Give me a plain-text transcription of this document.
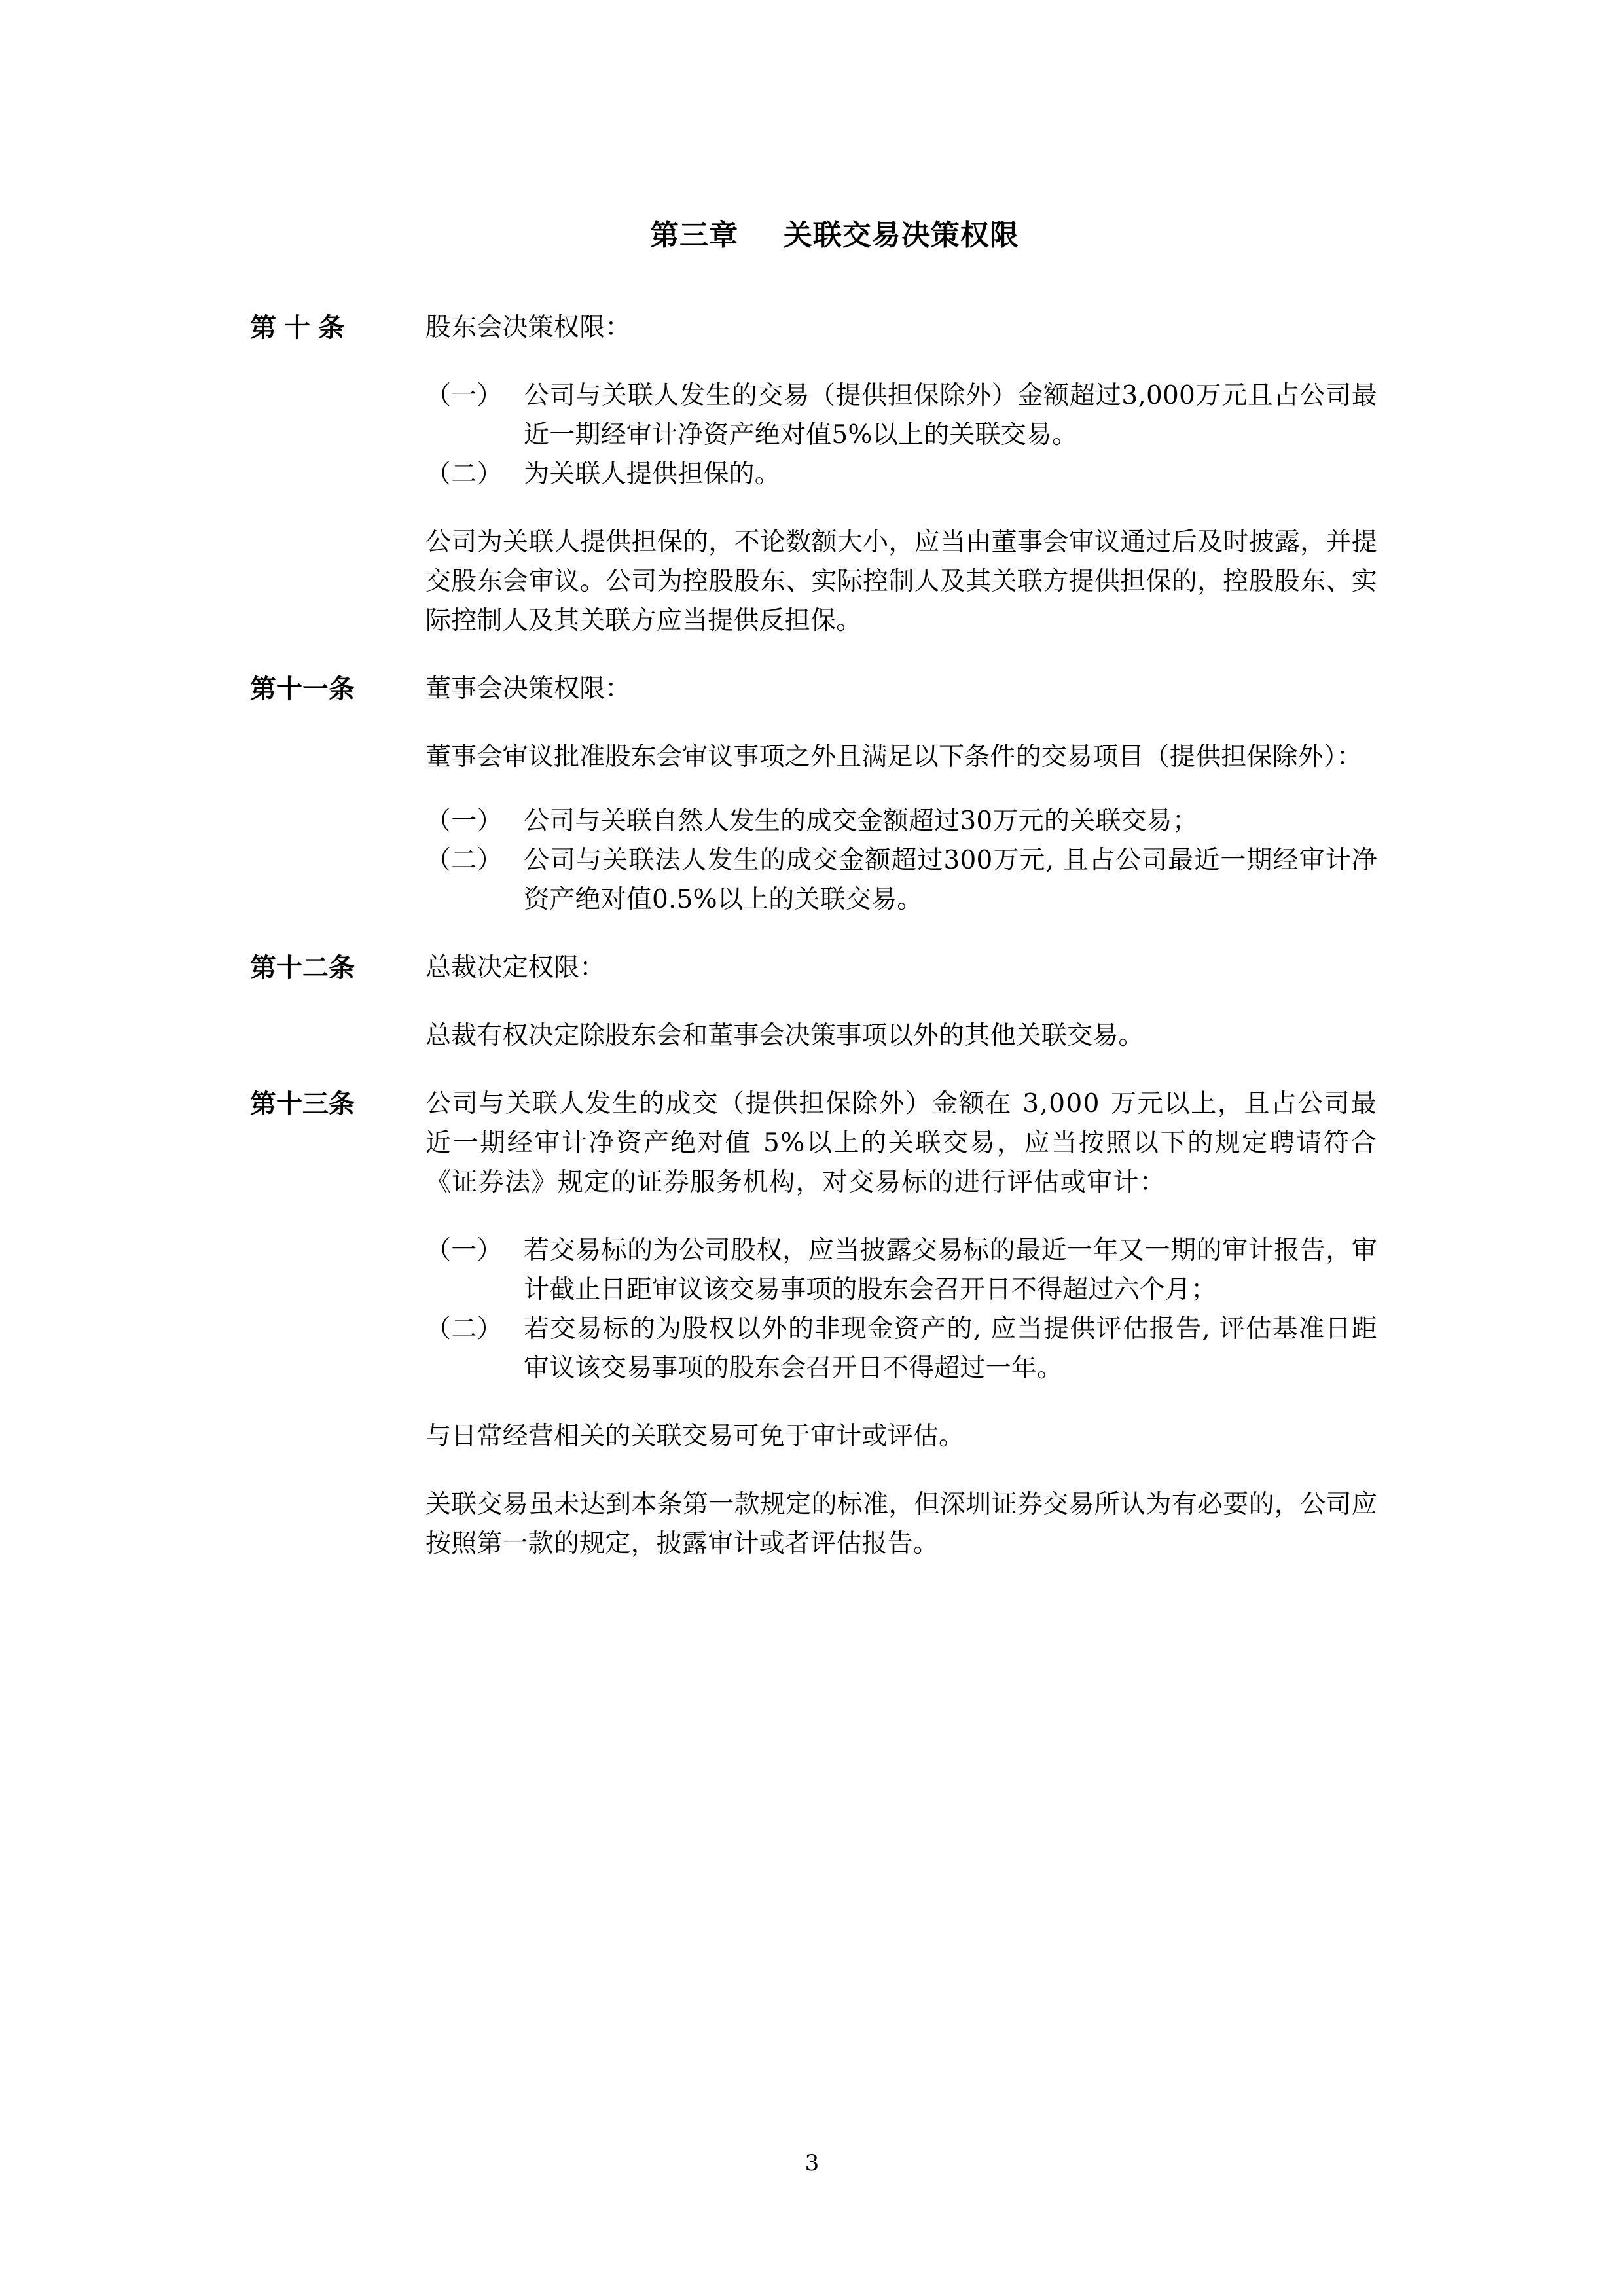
第三章 关联交易决策权限
第十条	股东会决策权限：

（一） 公司与关联人发生的交易（提供担保除外）金额超过3,000万元且占公司最近一期经审计净资产绝对值5%以上的关联交易。
（二） 为关联人提供担保的。

公司为关联人提供担保的，不论数额大小，应当由董事会审议通过后及时披露，并提交股东会审议。公司为控股股东、实际控制人及其关联方提供担保的，控股股东、实际控制人及其关联方应当提供反担保。

第十一条	董事会决策权限：

董事会审议批准股东会审议事项之外且满足以下条件的交易项目（提供担保除外）：

（一） 公司与关联自然人发生的成交金额超过30万元的关联交易；
（二） 公司与关联法人发生的成交金额超过300万元, 且占公司最近一期经审计净资产绝对值0.5%以上的关联交易。
第十二条	总裁决定权限：

总裁有权决定除股东会和董事会决策事项以外的其他关联交易。

第十三条	公司与关联人发生的成交（提供担保除外）金额在 3,000 万元以上，且占公司最近一期经审计净资产绝对值 5%以上的关联交易，应当按照以下的规定聘请符合《证券法》规定的证券服务机构，对交易标的进行评估或审计：

（一） 若交易标的为公司股权，应当披露交易标的最近一年又一期的审计报告，审计截止日距审议该交易事项的股东会召开日不得超过六个月；
（二） 若交易标的为股权以外的非现金资产的, 应当提供评估报告, 评估基准日距审议该交易事项的股东会召开日不得超过一年。

与日常经营相关的关联交易可免于审计或评估。

关联交易虽未达到本条第一款规定的标准，但深圳证券交易所认为有必要的，公司应按照第一款的规定，披露审计或者评估报告。

3
